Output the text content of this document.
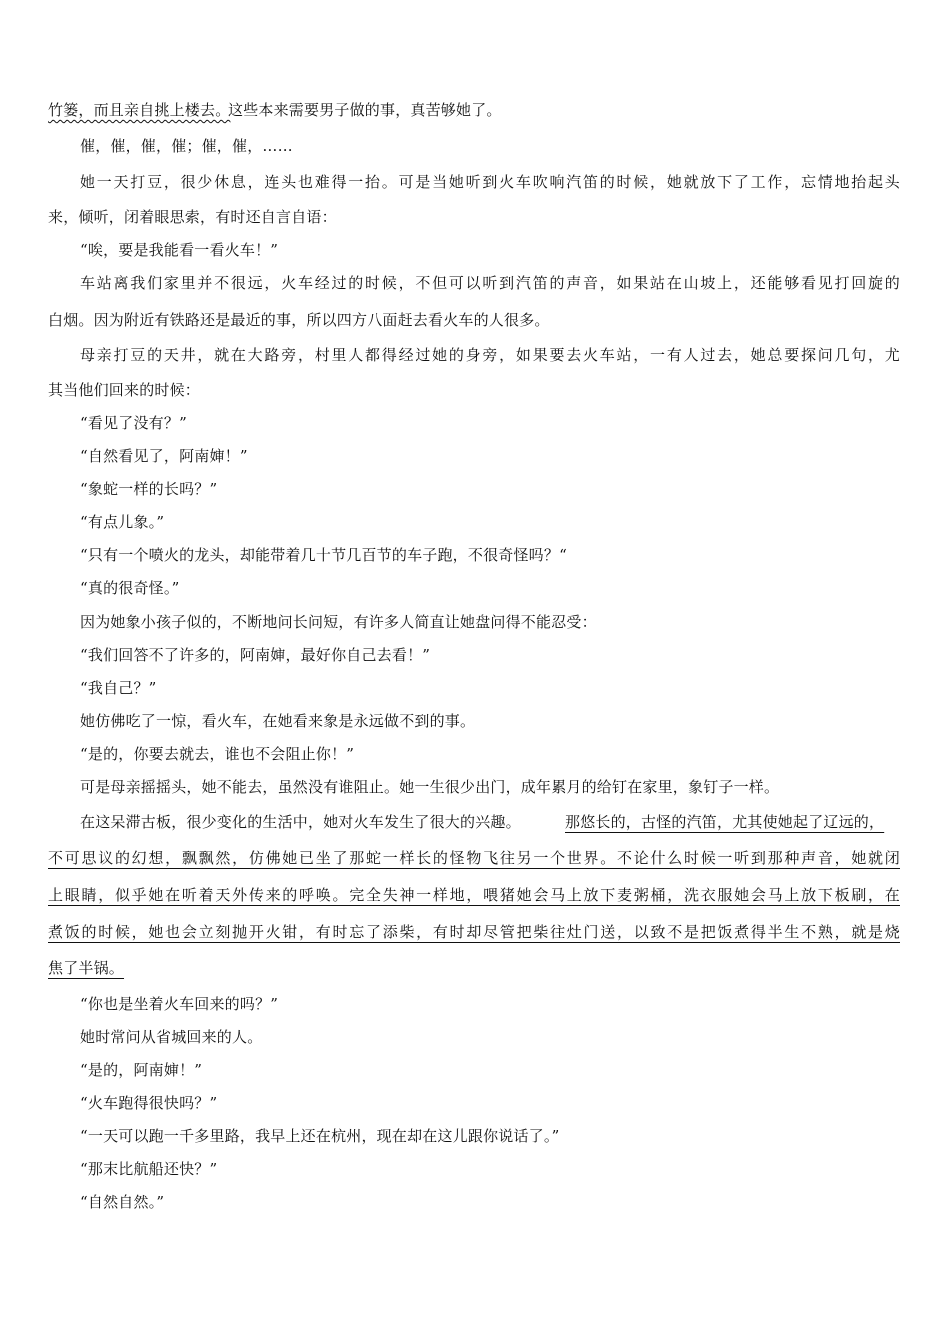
竹篓，而且亲自挑上楼去。
这些本来需要男子做的事，真苦够她了。
催，催，催，催；催，催，……
她一天打豆，很少休息，连头也难得一抬。可是当她听到火车吹响汽笛的时候，她就放下了工作，忘情地抬起头
来，倾听，闭着眼思索，有时还自言自语：
“唉，要是我能看一看火车！”
车站离我们家里并不很远，火车经过的时候，不但可以听到汽笛的声音，如果站在山坡上，还能够看见打回旋的
白烟。因为附近有铁路还是最近的事，所以四方八面赶去看火车的人很多。
母亲打豆的天井，就在大路旁，村里人都得经过她的身旁，如果要去火车站，一有人过去，她总要探问几句，尤
其当他们回来的时候：
“看见了没有？”
“自然看见了，阿南婶！”
“象蛇一样的长吗？”
“有点儿象。”
“只有一个喷火的龙头，却能带着几十节几百节的车子跑，不很奇怪吗？“
“真的很奇怪。”
因为她象小孩子似的，不断地问长问短，有许多人简直让她盘问得不能忍受：
“我们回答不了许多的，阿南婶，最好你自己去看！”
“我自己？”
她仿佛吃了一惊，看火车，在她看来象是永远做不到的事。
“是的，你要去就去，谁也不会阻止你！”
可是母亲摇摇头，她不能去，虽然没有谁阻止。她一生很少出门，成年累月的给钉在家里，象钉子一样。
在这呆滞古板，很少变化的生活中，她对火车发生了很大的兴趣。	那悠长的，古怪的汽笛，尤其使她起了辽远的，
不可思议的幻想，飘飘然，仿佛她已坐了那蛇一样长的怪物飞往另一个世界。不论什么时候一听到那种声音，她就闭
上眼睛，似乎她在听着天外传来的呼唤。完全失神一样地，喂猪她会马上放下麦粥桶，洗衣服她会马上放下板刷，在
煮饭的时候，她也会立刻抛开火钳，有时忘了添柴，有时却尽管把柴往灶门送，以致不是把饭煮得半生不熟，就是烧
焦了半锅。
“你也是坐着火车回来的吗？”
她时常问从省城回来的人。
“是的，阿南婶！”
“火车跑得很快吗？”
“一天可以跑一千多里路，我早上还在杭州，现在却在这儿跟你说话了。”
“那末比航船还快？”
“自然自然。”
